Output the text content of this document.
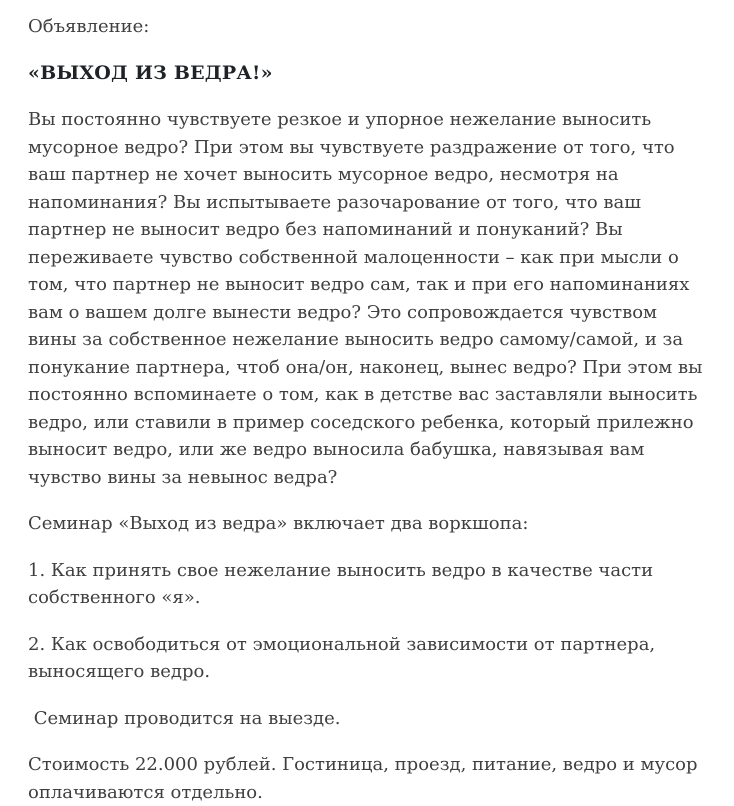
Объявление:

«ВЫХОД ИЗ ВЕДРА!»

Вы постоянно чувствуете резкое и упорное нежелание выносить мусорное ведро? При этом вы чувствуете раздражение от того, что ваш партнер не хочет выносить мусорное ведро, несмотря на напоминания? Вы испытываете разочарование от того, что ваш партнер не выносит ведро без напоминаний и понуканий? Вы переживаете чувство собственной малоценности – как при мысли о том, что партнер не выносит ведро сам, так и при его напоминаниях вам о вашем долге вынести ведро? Это сопровождается чувством вины за собственное нежелание выносить ведро самому/самой, и за понукание партнера, чтоб она/он, наконец, вынес ведро? При этом вы постоянно вспоминаете о том, как в детстве вас заставляли выносить ведро, или ставили в пример соседского ребенка, который прилежно выносит ведро, или же ведро выносила бабушка, навязывая вам чувство вины за невынос ведра?

Семинар «Выход из ведра» включает два воркшопа:

1. Как принять свое нежелание выносить ведро в качестве части собственного «я».

2. Как освободиться от эмоциональной зависимости от партнера, выносящего ведро.

Семинар проводится на выезде.

Стоимость 22.000 рублей. Гостиница, проезд, питание, ведро и мусор оплачиваются отдельно.
